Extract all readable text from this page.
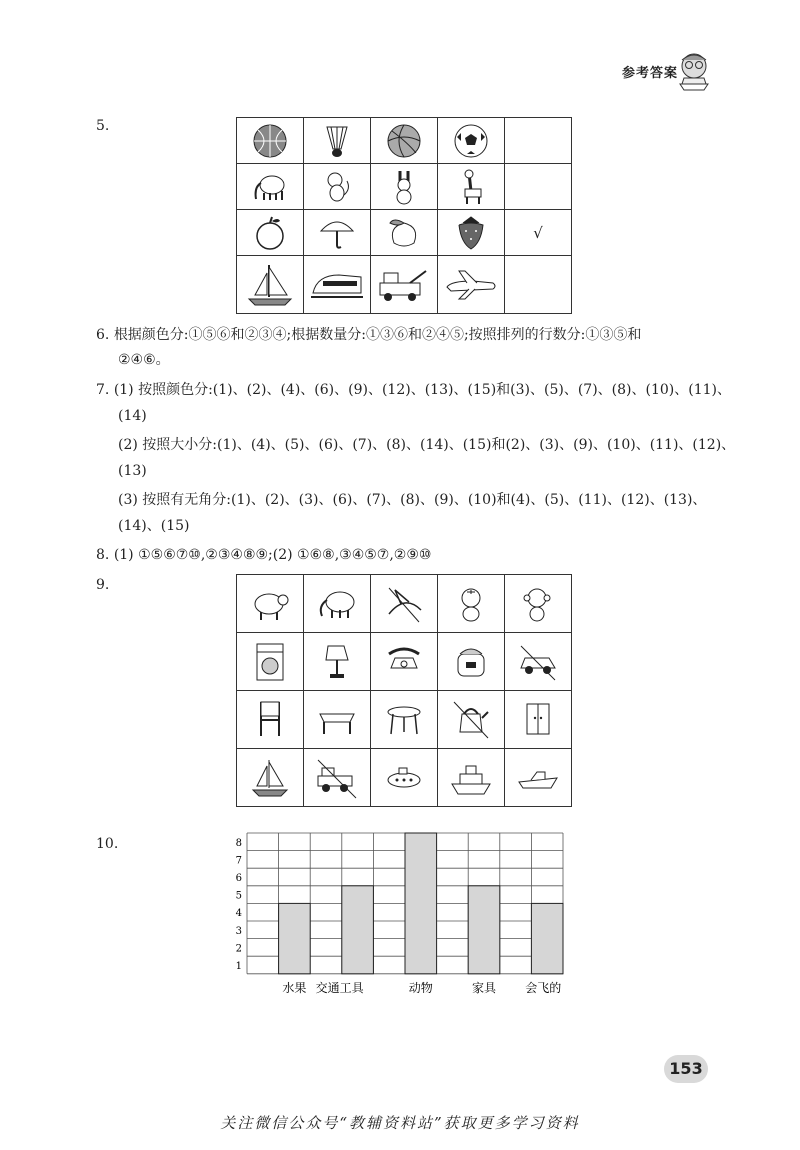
参考答案
5.

	√

6. 根据颜色分:①⑤⑥和②③④;根据数量分:①③⑥和②④⑤;按照排列的行数分:①③⑤和
②④⑥。
7. (1) 按照颜色分:(1)、(2)、(4)、(6)、(9)、(12)、(13)、(15)和(3)、(5)、(7)、(8)、(10)、(11)、
(14)
(2) 按照大小分:(1)、(4)、(5)、(6)、(7)、(8)、(14)、(15)和(2)、(3)、(9)、(10)、(11)、(12)、
(13)
(3) 按照有无角分:(1)、(2)、(3)、(6)、(7)、(8)、(9)、(10)和(4)、(5)、(11)、(12)、(13)、
(14)、(15)
8. (1) ①⑤⑥⑦⑩,②③④⑧⑨;(2) ①⑥⑧,③④⑤⑦,②⑨⑩
9.

10.
水果 交通工具	动物	家具 会飞的
1
2
3
4
5
6
7
8
153
关注微信公众号“教辅资料站”获取更多学习资料
